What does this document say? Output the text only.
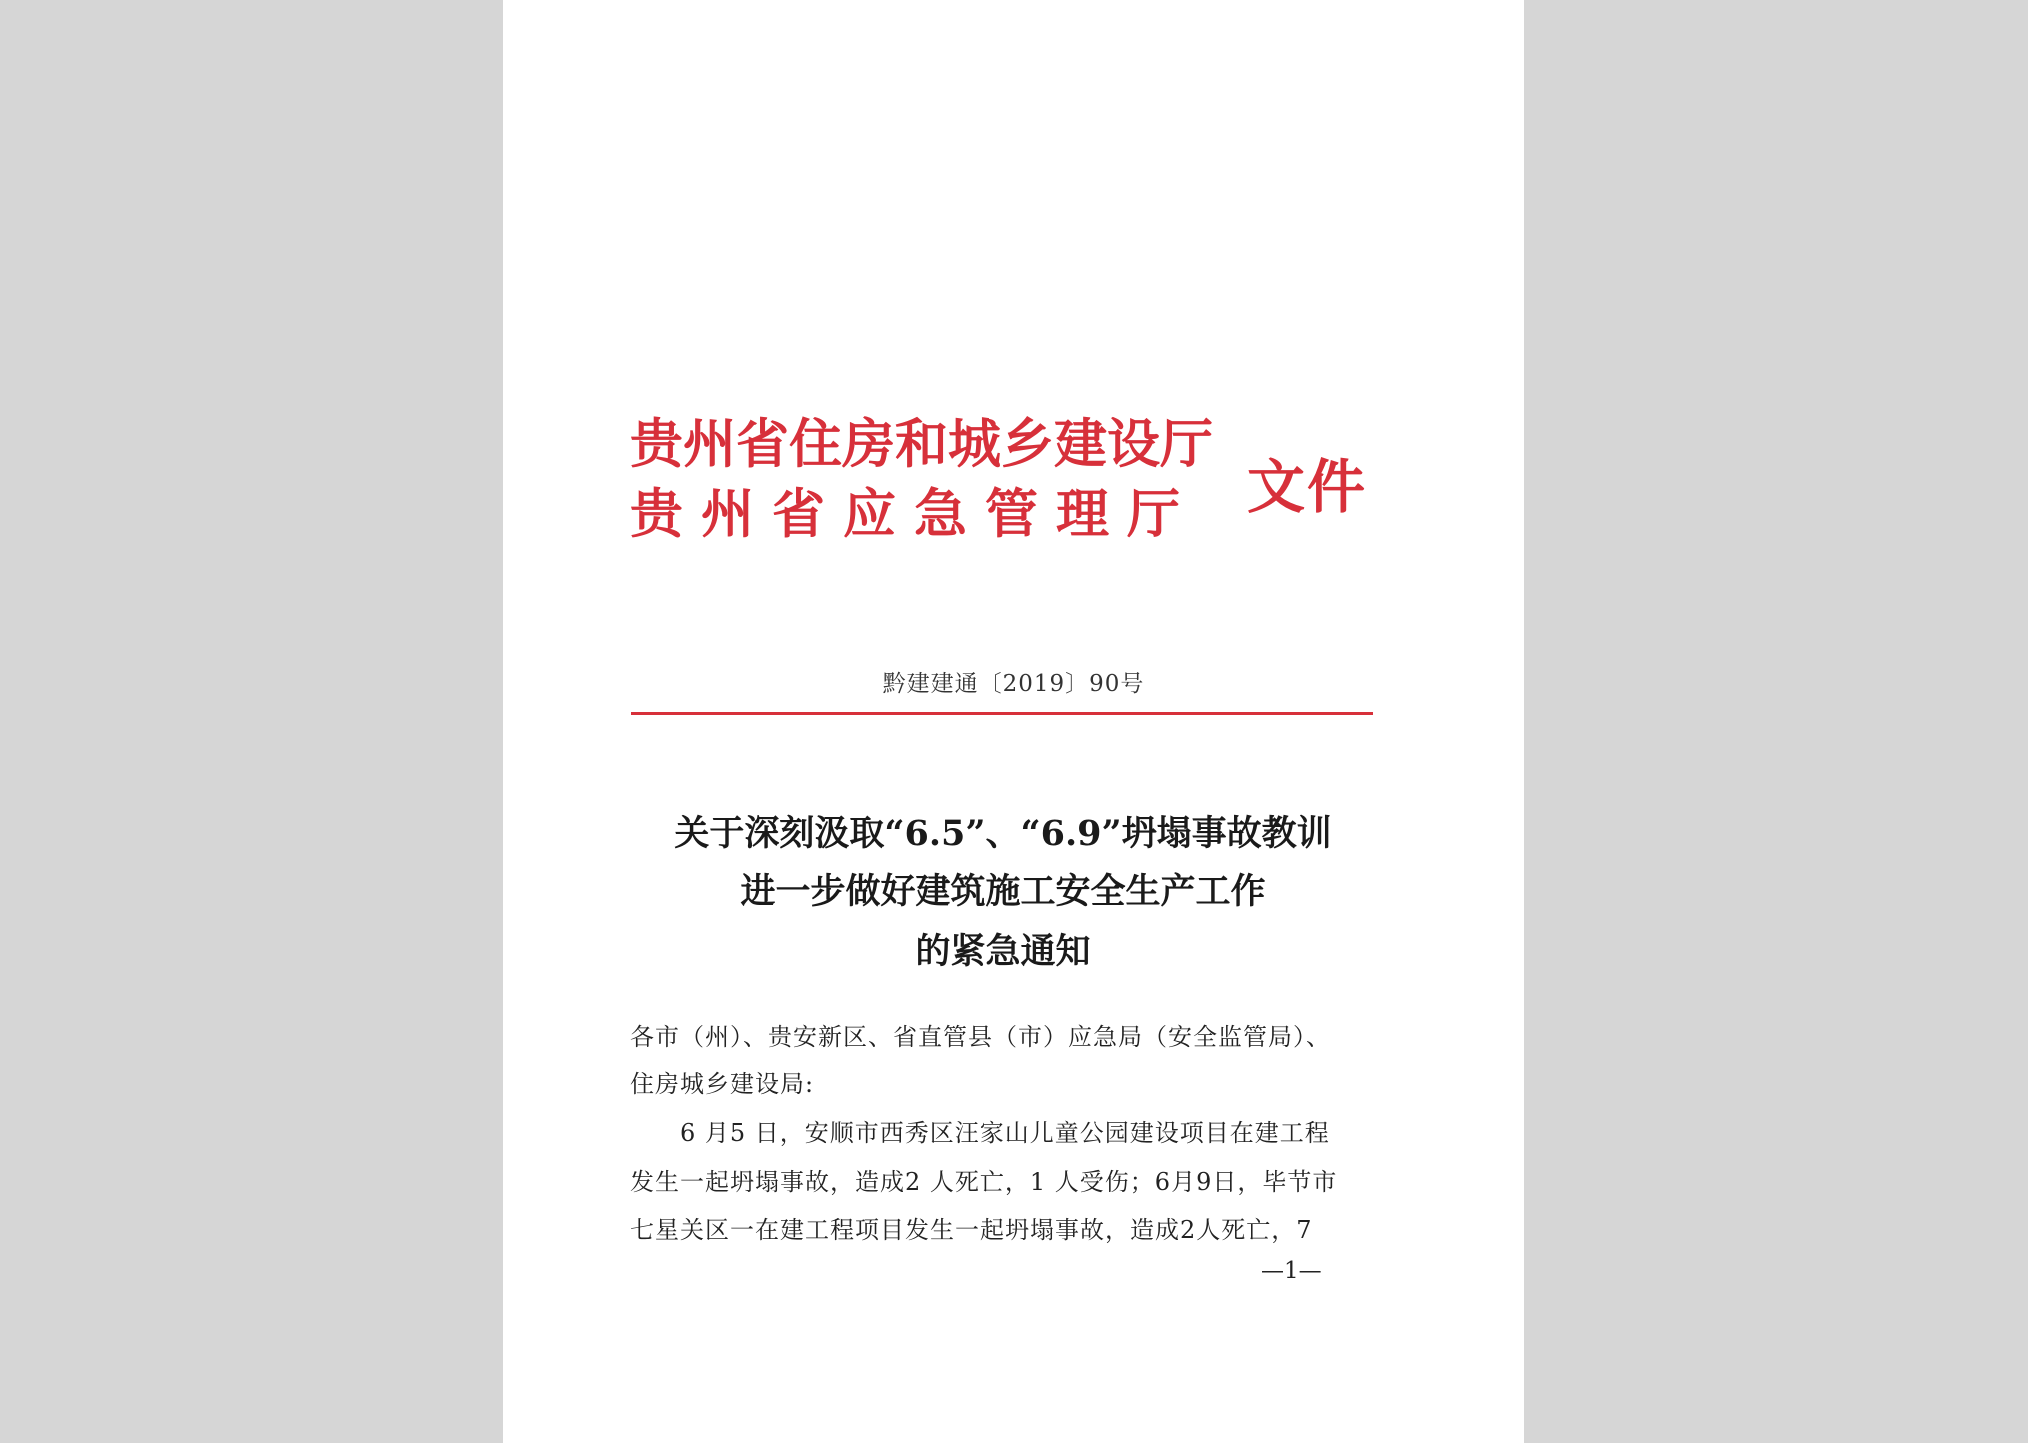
贵州省住房和城乡建设厅
贵州省应急管理厅 文件
黔建建通〔2019〕90号
关于深刻汲取“6.5”、“6.9”坍塌事故教训
进一步做好建筑施工安全生产工作
的紧急通知
各市（州）、贵安新区、省直管县（市）应急局（安全监管局）、
住房城乡建设局:
6 月5 日，安顺市西秀区汪家山儿童公园建设项目在建工程
发生一起坍塌事故，造成2 人死亡，1 人受伤；6月9日，毕节市
七星关区一在建工程项目发生一起坍塌事故，造成2人死亡，7
—1—
